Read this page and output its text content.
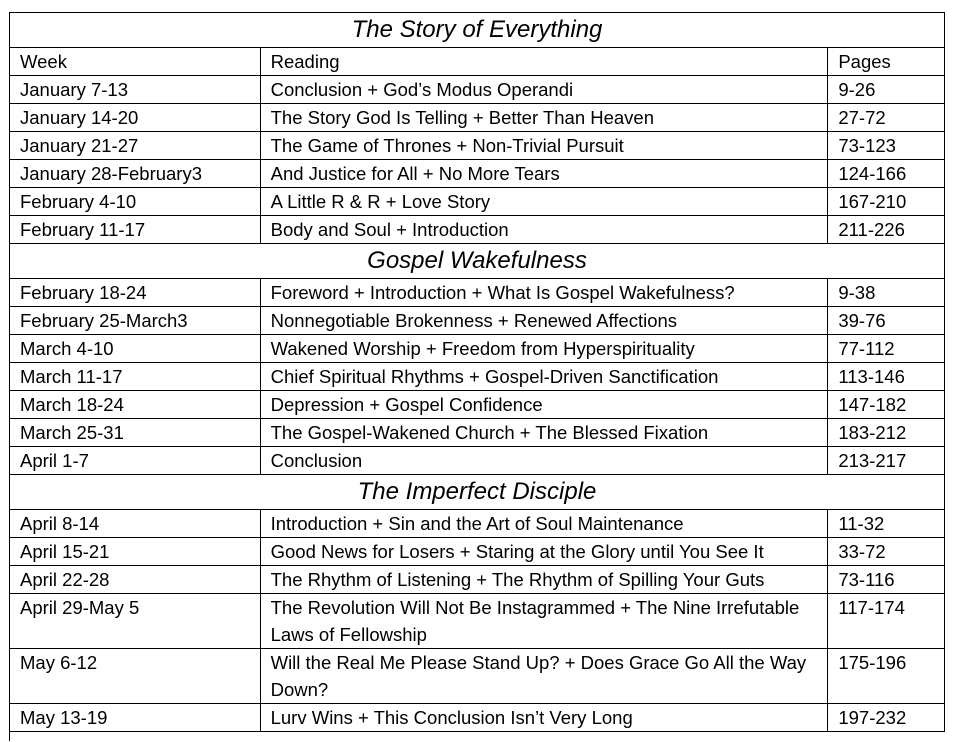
The Story of Everything		
Week	Reading	Pages
January 7-13	Conclusion + God’s Modus Operandi	9-26
January 14-20	The Story God Is Telling + Better Than Heaven	27-72
January 21-27	The Game of Thrones + Non-Trivial Pursuit	73-123
January 28-February3	And Justice for All + No More Tears	124-166
February 4-10	A Little R & R + Love Story	167-210
February 11-17	Body and Soul + Introduction	211-226
Gospel Wakefulness		
February 18-24	Foreword + Introduction + What Is Gospel Wakefulness?	9-38
February 25-March3	Nonnegotiable Brokenness + Renewed Affections	39-76
March 4-10	Wakened Worship + Freedom from Hyperspirituality	77-112
March 11-17	Chief Spiritual Rhythms + Gospel-Driven Sanctification	113-146
March 18-24	Depression + Gospel Confidence	147-182
March 25-31	The Gospel-Wakened Church + The Blessed Fixation	183-212
April 1-7	Conclusion	213-217
The Imperfect Disciple		
April 8-14	Introduction + Sin and the Art of Soul Maintenance	11-32
April 15-21	Good News for Losers + Staring at the Glory until You See It	33-72
April 22-28	The Rhythm of Listening + The Rhythm of Spilling Your Guts	73-116
April 29-May 5	The Revolution Will Not Be Instagrammed + The Nine Irrefutable Laws of Fellowship	117-174
May 6-12	Will the Real Me Please Stand Up? + Does Grace Go All the Way Down?	175-196
May 13-19	Lurv Wins + This Conclusion Isn’t Very Long	197-232
